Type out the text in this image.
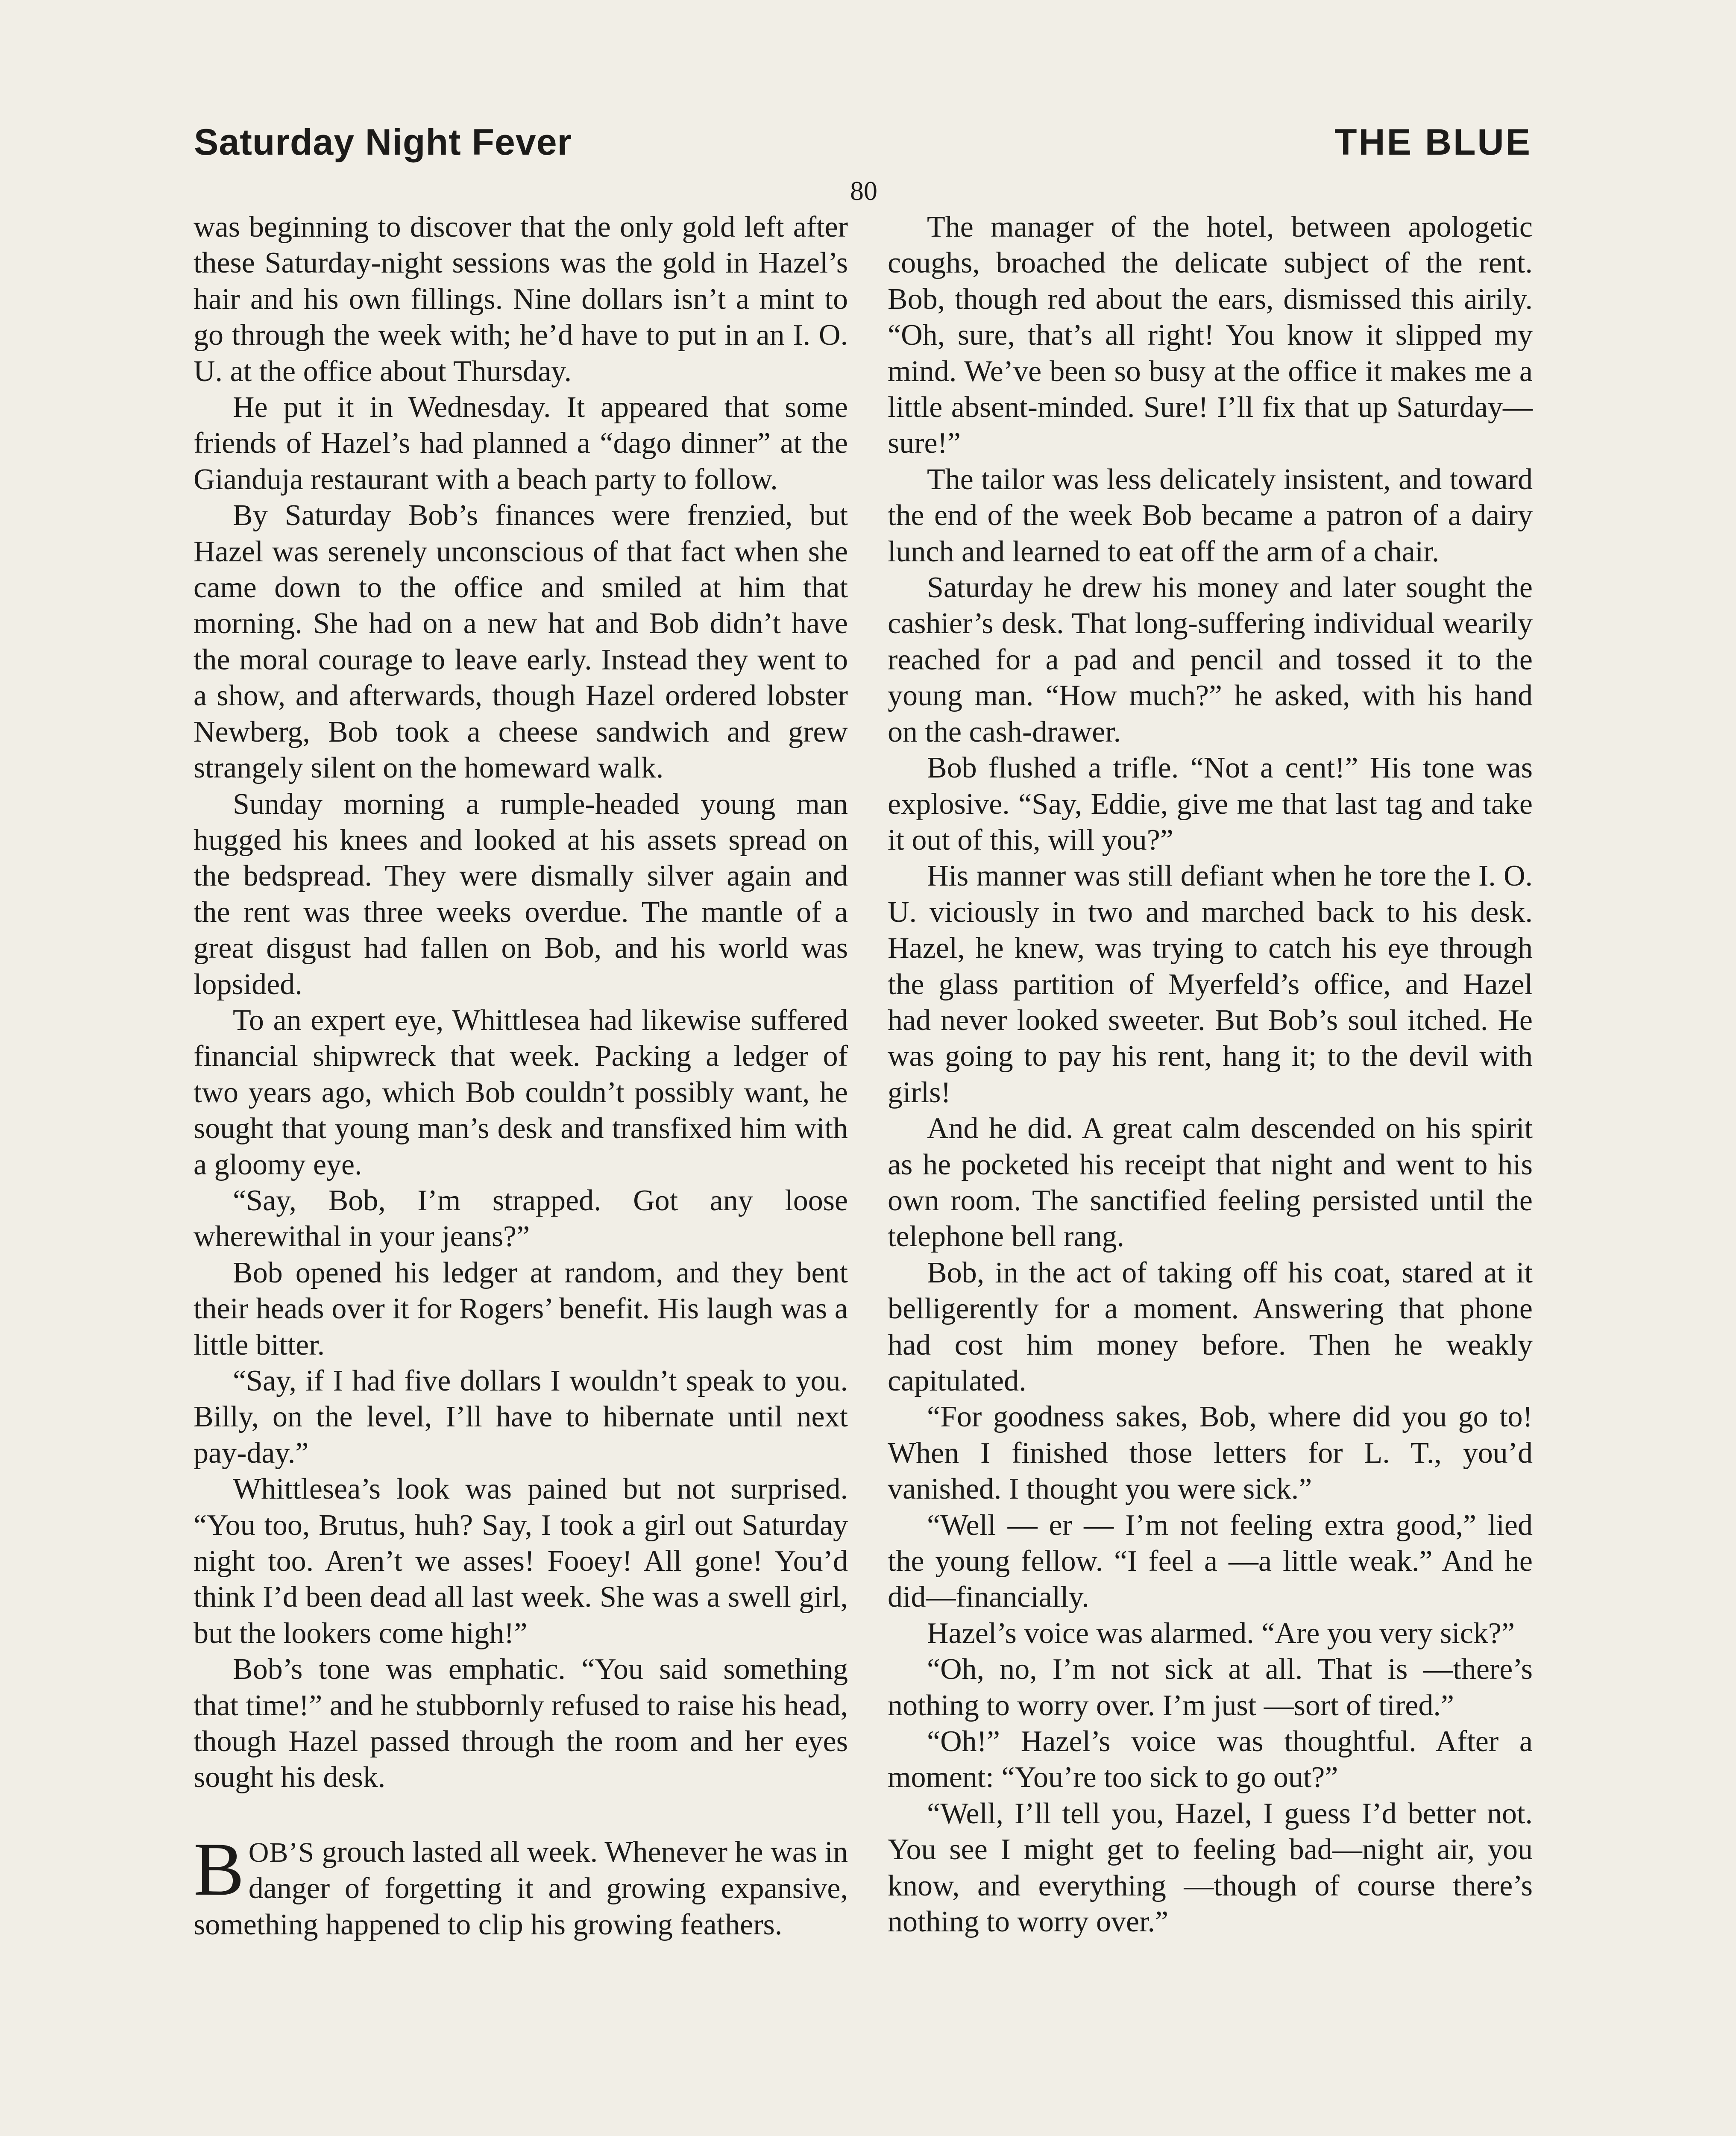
Saturday Night Fever	THE BLUE
80

was beginning to discover that the only gold left after these Saturday-night sessions was the gold in Hazel’s hair and his own fillings. Nine dollars isn’t a mint to go through the week with; he’d have to put in an I. O. U. at the office about Thursday.

He put it in Wednesday. It appeared that some friends of Hazel’s had planned a “dago dinner” at the Gianduja restaurant with a beach party to follow.

By Saturday Bob’s finances were frenzied, but Hazel was serenely unconscious of that fact when she came down to the office and smiled at him that morning. She had on a new hat and Bob didn’t have the moral courage to leave early. Instead they went to a show, and afterwards, though Hazel ordered lobster Newberg, Bob took a cheese sandwich and grew strangely silent on the homeward walk.

Sunday morning a rumple-headed young man hugged his knees and looked at his assets spread on the bedspread. They were dismally silver again and the rent was three weeks overdue. The mantle of a great disgust had fallen on Bob, and his world was lopsided.

To an expert eye, Whittlesea had likewise suffered financial shipwreck that week. Packing a ledger of two years ago, which Bob couldn’t possibly want, he sought that young man’s desk and transfixed him with a gloomy eye.

“Say, Bob, I’m strapped. Got any loose wherewithal in your jeans?”

Bob opened his ledger at random, and they bent their heads over it for Rogers’ benefit. His laugh was a little bitter.

“Say, if I had five dollars I wouldn’t speak to you. Billy, on the level, I’ll have to hibernate until next pay-day.”

Whittlesea’s look was pained but not surprised. “You too, Brutus, huh? Say, I took a girl out Saturday night too. Aren’t we asses! Fooey! All gone! You’d think I’d been dead all last week. She was a swell girl, but the lookers come high!”

Bob’s tone was emphatic. “You said something that time!” and he stubbornly refused to raise his head, though Hazel passed through the room and her eyes sought his desk.

BOB’S grouch lasted all week. Whenever he was in danger of forgetting it and growing expansive, something happened to clip his growing feathers.

The manager of the hotel, between apologetic coughs, broached the delicate subject of the rent. Bob, though red about the ears, dismissed this airily. “Oh, sure, that’s all right! You know it slipped my mind. We’ve been so busy at the office it makes me a little absent-minded. Sure! I’ll fix that up Saturday—sure!”

The tailor was less delicately insistent, and toward the end of the week Bob became a patron of a dairy lunch and learned to eat off the arm of a chair.

Saturday he drew his money and later sought the cashier’s desk. That long-suffering individual wearily reached for a pad and pencil and tossed it to the young man. “How much?” he asked, with his hand on the cash-drawer.

Bob flushed a trifle. “Not a cent!” His tone was explosive. “Say, Eddie, give me that last tag and take it out of this, will you?”

His manner was still defiant when he tore the I. O. U. viciously in two and marched back to his desk. Hazel, he knew, was trying to catch his eye through the glass partition of Myerfeld’s office, and Hazel had never looked sweeter. But Bob’s soul itched. He was going to pay his rent, hang it; to the devil with girls!

And he did. A great calm descended on his spirit as he pocketed his receipt that night and went to his own room. The sanctified feeling persisted until the telephone bell rang.

Bob, in the act of taking off his coat, stared at it belligerently for a moment. Answering that phone had cost him money before. Then he weakly capitulated.

“For goodness sakes, Bob, where did you go to! When I finished those letters for L. T., you’d vanished. I thought you were sick.”

“Well — er — I’m not feeling extra good,” lied the young fellow. “I feel a —a little weak.” And he did—financially.

Hazel’s voice was alarmed. “Are you very sick?”

“Oh, no, I’m not sick at all. That is —there’s nothing to worry over. I’m just —sort of tired.”

“Oh!” Hazel’s voice was thoughtful. After a moment: “You’re too sick to go out?”

“Well, I’ll tell you, Hazel, I guess I’d better not. You see I might get to feeling bad—night air, you know, and everything —though of course there’s nothing to worry over.”
